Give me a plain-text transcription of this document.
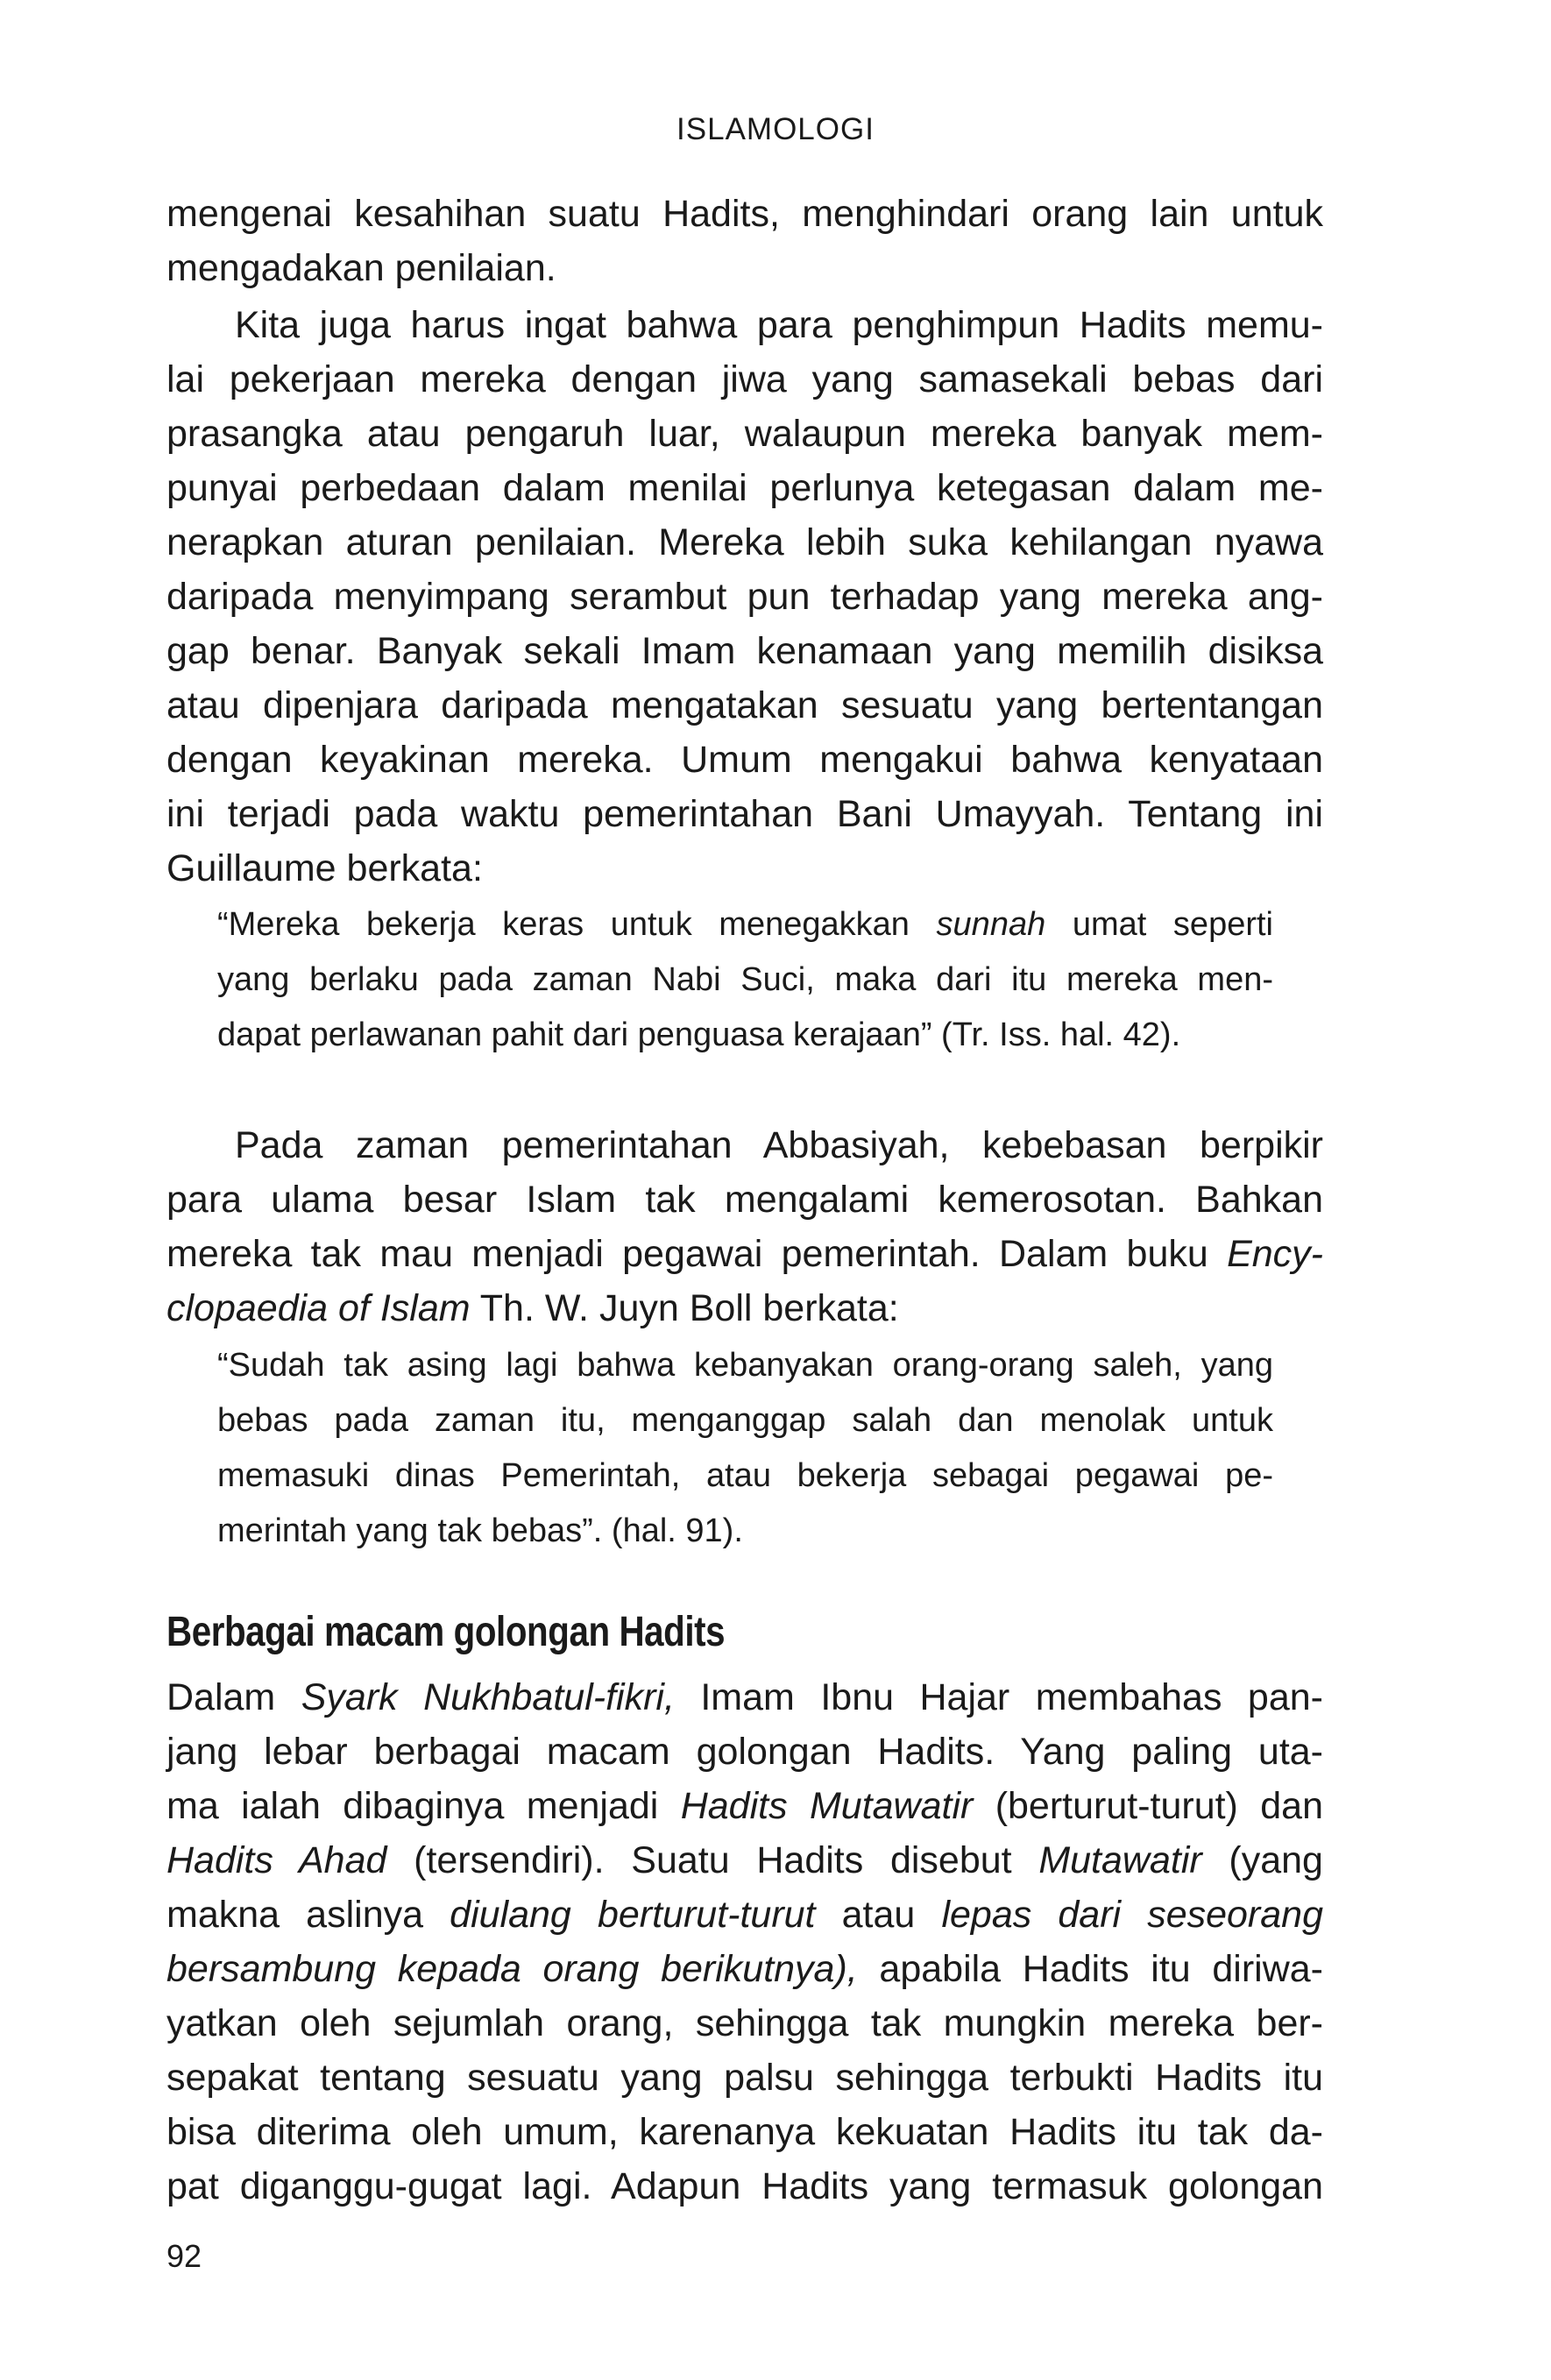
ISLAMOLOGI
mengenai kesahihan suatu Hadits, menghindari orang lain untuk
mengadakan penilaian.
Kita juga harus ingat bahwa para penghimpun Hadits memu-
lai pekerjaan mereka dengan jiwa yang samasekali bebas dari
prasangka atau pengaruh luar, walaupun mereka banyak mem-
punyai perbedaan dalam menilai perlunya ketegasan dalam me-
nerapkan aturan penilaian. Mereka lebih suka kehilangan nyawa
daripada menyimpang serambut pun terhadap yang mereka ang-
gap benar. Banyak sekali Imam kenamaan yang memilih disiksa
atau dipenjara daripada mengatakan sesuatu yang bertentangan
dengan keyakinan mereka. Umum mengakui bahwa kenyataan
ini terjadi pada waktu pemerintahan Bani Umayyah. Tentang ini
Guillaume berkata:
“Mereka bekerja keras untuk menegakkan sunnah umat seperti
yang berlaku pada zaman Nabi Suci, maka dari itu mereka men-
dapat perlawanan pahit dari penguasa kerajaan” (Tr. Iss. hal. 42).
Pada zaman pemerintahan Abbasiyah, kebebasan berpikir
para ulama besar Islam tak mengalami kemerosotan. Bahkan
mereka tak mau menjadi pegawai pemerintah. Dalam buku Ency-
clopaedia of Islam Th. W. Juyn Boll berkata:
“Sudah tak asing lagi bahwa kebanyakan orang-orang saleh, yang
bebas pada zaman itu, menganggap salah dan menolak untuk
memasuki dinas Pemerintah, atau bekerja sebagai pegawai pe-
merintah yang tak bebas”. (hal. 91).
Berbagai macam golongan Hadits
Dalam Syark Nukhbatul-fikri, Imam Ibnu Hajar membahas pan-
jang lebar berbagai macam golongan Hadits. Yang paling uta-
ma ialah dibaginya menjadi Hadits Mutawatir (berturut-turut) dan
Hadits Ahad (tersendiri). Suatu Hadits disebut Mutawatir (yang
makna aslinya diulang berturut-turut atau lepas dari seseorang
bersambung kepada orang berikutnya), apabila Hadits itu diriwa-
yatkan oleh sejumlah orang, sehingga tak mungkin mereka ber-
sepakat tentang sesuatu yang palsu sehingga terbukti Hadits itu
bisa diterima oleh umum, karenanya kekuatan Hadits itu tak da-
pat diganggu-gugat lagi. Adapun Hadits yang termasuk golongan
92
